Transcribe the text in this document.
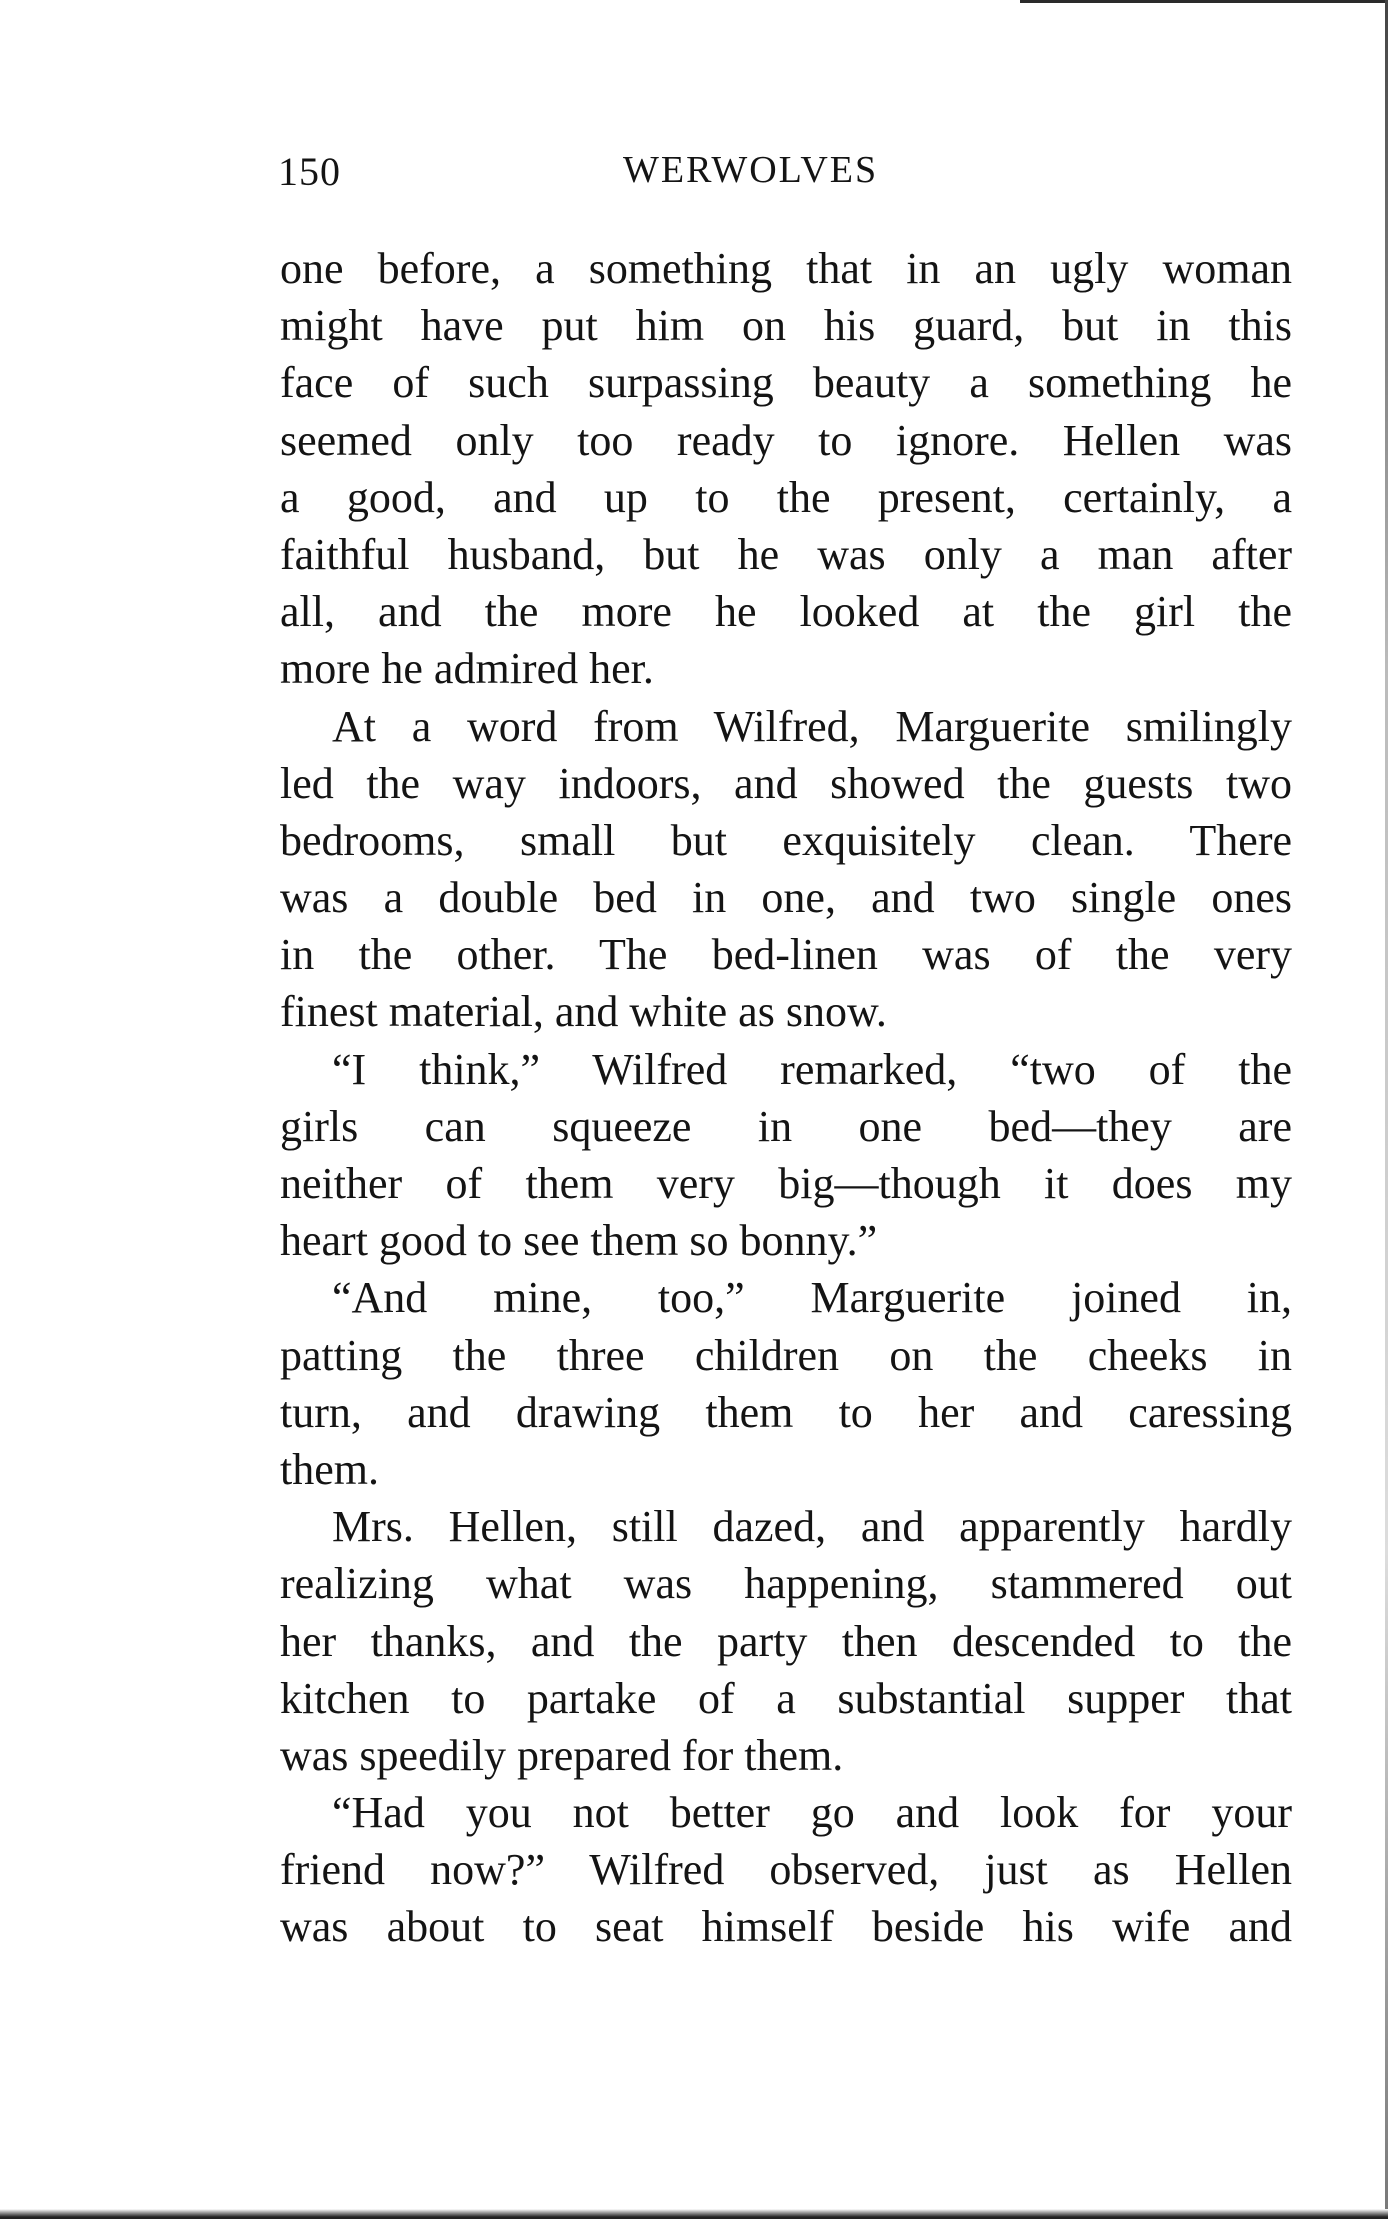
150	WERWOLVES
one before, a something that in an ugly woman
might have put him on his guard, but in this
face of such surpassing beauty a something he
seemed only too ready to ignore. Hellen was
a good, and up to the present, certainly, a
faithful husband, but he was only a man after
all, and the more he looked at the girl the
more he admired her.
At a word from Wilfred, Marguerite smilingly
led the way indoors, and showed the guests two
bedrooms, small but exquisitely clean. There
was a double bed in one, and two single ones
in the other. The bed-linen was of the very
finest material, and white as snow.
“I think,” Wilfred remarked, “two of the
girls can squeeze in one bed—they are
neither of them very big—though it does my
heart good to see them so bonny.”
“And mine, too,” Marguerite joined in,
patting the three children on the cheeks in
turn, and drawing them to her and caressing
them.
Mrs. Hellen, still dazed, and apparently hardly
realizing what was happening, stammered out
her thanks, and the party then descended to the
kitchen to partake of a substantial supper that
was speedily prepared for them.
“Had you not better go and look for your
friend now?” Wilfred observed, just as Hellen
was about to seat himself beside his wife and
